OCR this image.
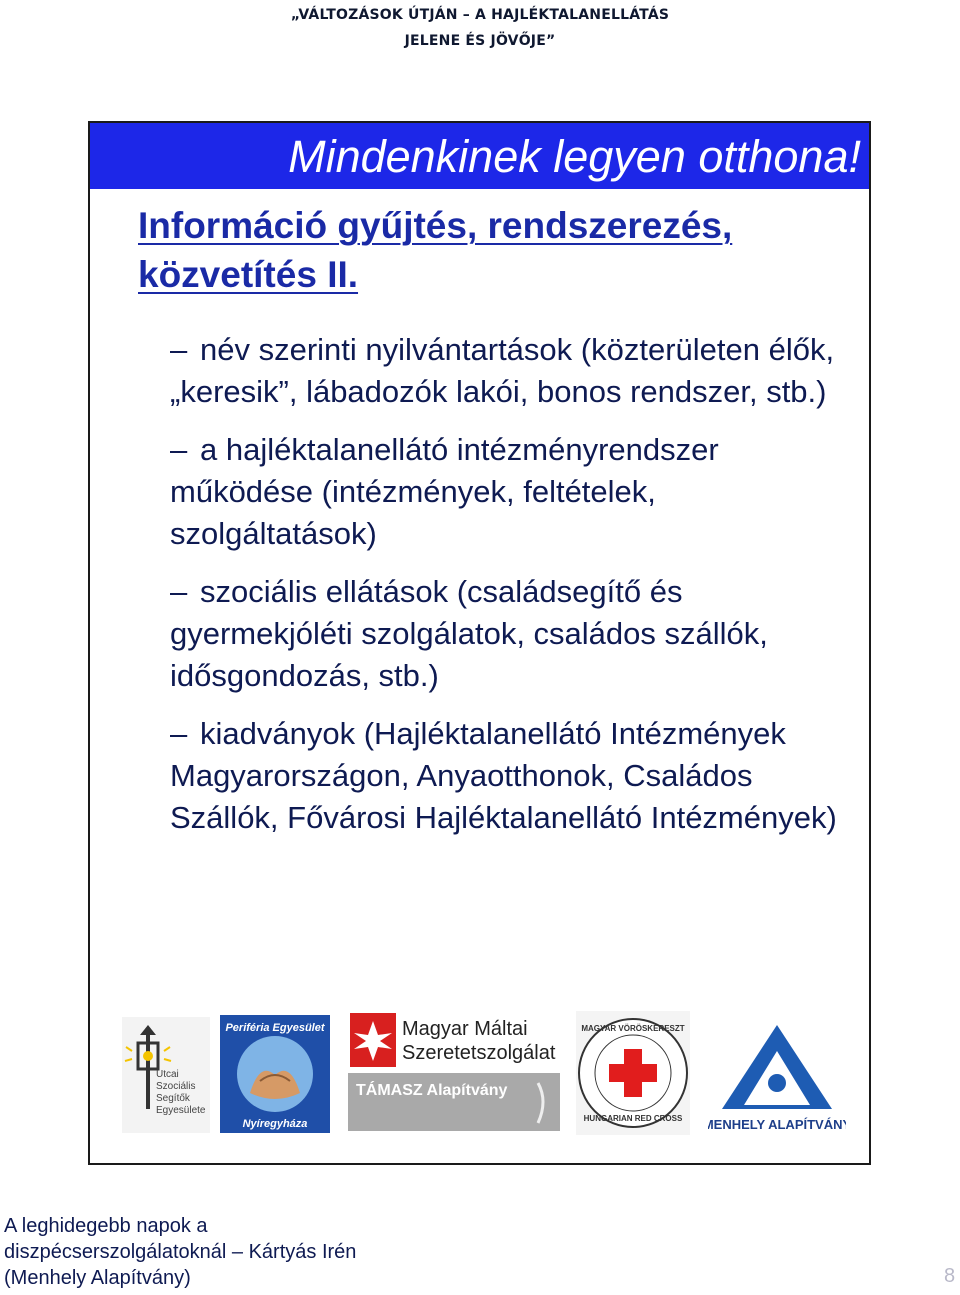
„VÁLTOZÁSOK ÚTJÁN – A HAJLÉKTALANELLÁTÁS
JELENE ÉS JÖVŐJE”
Mindenkinek legyen otthona!
Információ gyűjtés, rendszerezés,
közvetítés II.
– név szerinti nyilvántartások (közterületen élők, „keresik”, lábadozók lakói, bonos rendszer, stb.)
– a hajléktalanellátó intézményrendszer működése (intézmények, feltételek, szolgáltatások)
– szociális ellátások (családsegítő és gyermekjóléti szolgálatok, családos szállók, idősgondozás, stb.)
– kiadványok (Hajléktalanellátó Intézmények Magyarországon, Anyaotthonok, Családos Szállók, Fővárosi Hajléktalanellátó Intézmények)
Utcai
Szociális
Segítők
Egyesülete
Periféria Egyesület
Nyíregyháza
Magyar Máltai
Szeretetszolgálat
TÁMASZ Alapítvány
MAGYAR VÖRÖSKERESZT
HUNGARIAN RED CROSS MENHELY ALAPÍTVÁNY
A leghidegebb napok a
diszpécserszolgálatoknál – Kártyás Irén
(Menhely Alapítvány)	8
